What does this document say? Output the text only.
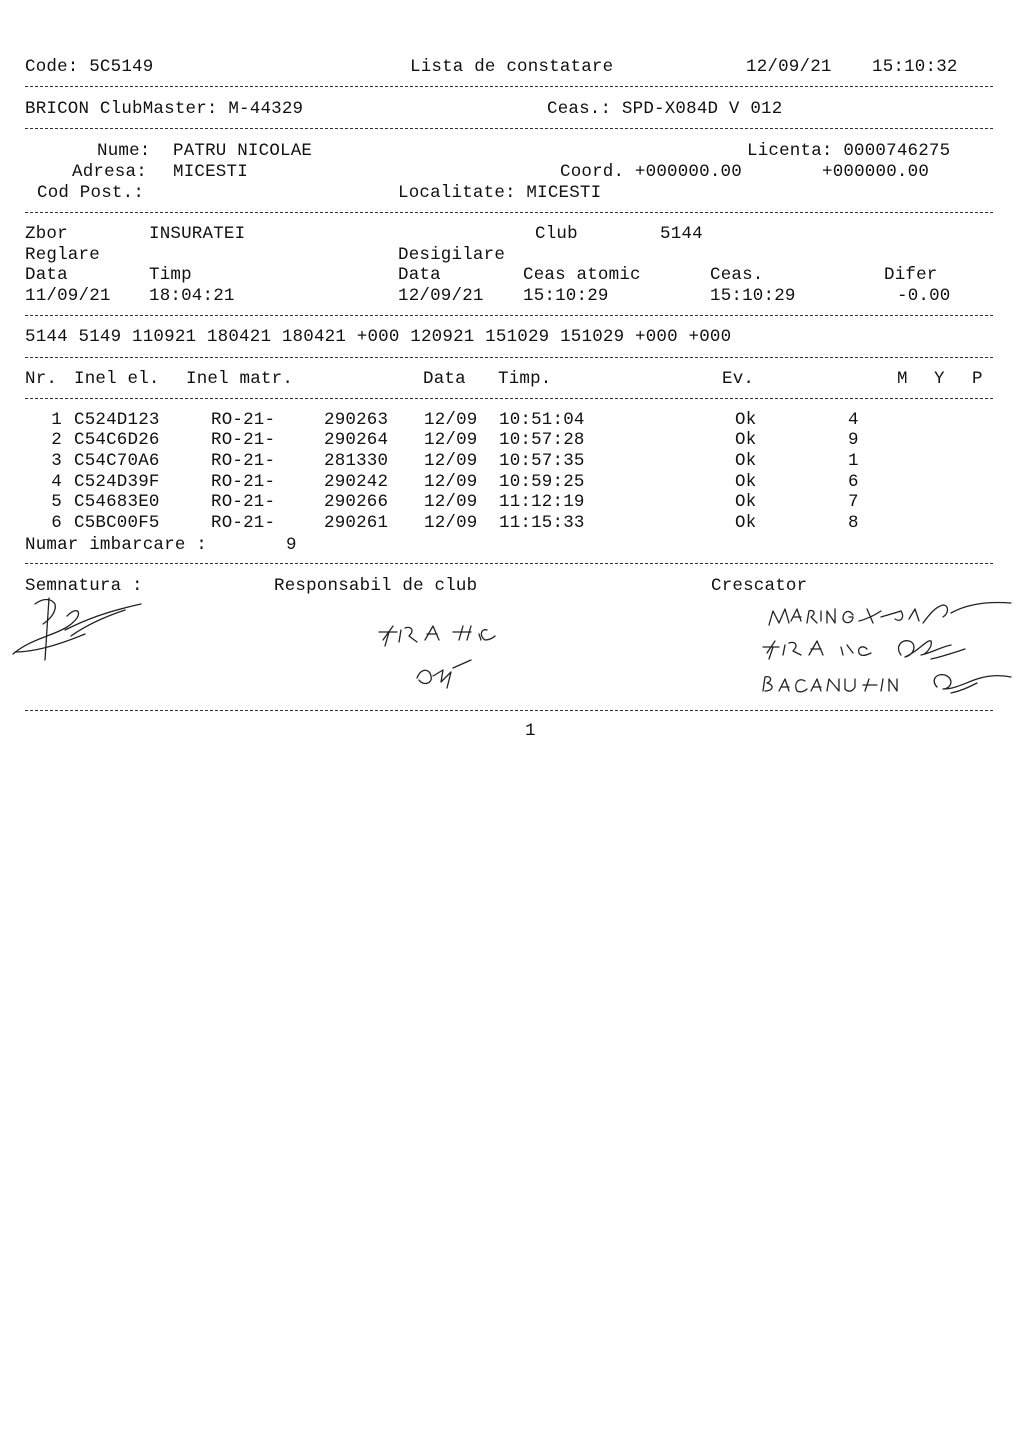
Code: 5C5149	Lista de constatare	12/09/21 15:10:32
BRICON ClubMaster: M-44329	Ceas.: SPD-X084D V 012
Nume: PATRU NICOLAE	Licenta: 0000746275
Adresa: MICESTI	Coord. +000000.00	+000000.00
Cod Post.:	Localitate: MICESTI
Zbor	INSURATEI	Club	5144
Reglare	Desigilare
Data	Timp	Data	Ceas atomic	Ceas.	Difer
11/09/21 18:04:21	12/09/21 15:10:29	15:10:29	-0.00
5144 5149 110921 180421 180421 +000 120921 151029 151029 +000 +000
Nr. Inel el. Inel matr.	Data Timp.	Ev.	M Y P
1 C524D123	RO-21-	290263 12/09 10:51:04	Ok	4
2 C54C6D26	RO-21-	290264 12/09 10:57:28	Ok	9
3 C54C70A6	RO-21-	281330 12/09 10:57:35	Ok	1
4 C524D39F	RO-21-	290242 12/09 10:59:25	Ok	6
5 C54683E0	RO-21-	290266 12/09 11:12:19	Ok	7
6 C5BC00F5	RO-21-	290261 12/09 11:15:33	Ok	8
Numar imbarcare :	9
Semnatura :	Responsabil de club	Crescator
1
